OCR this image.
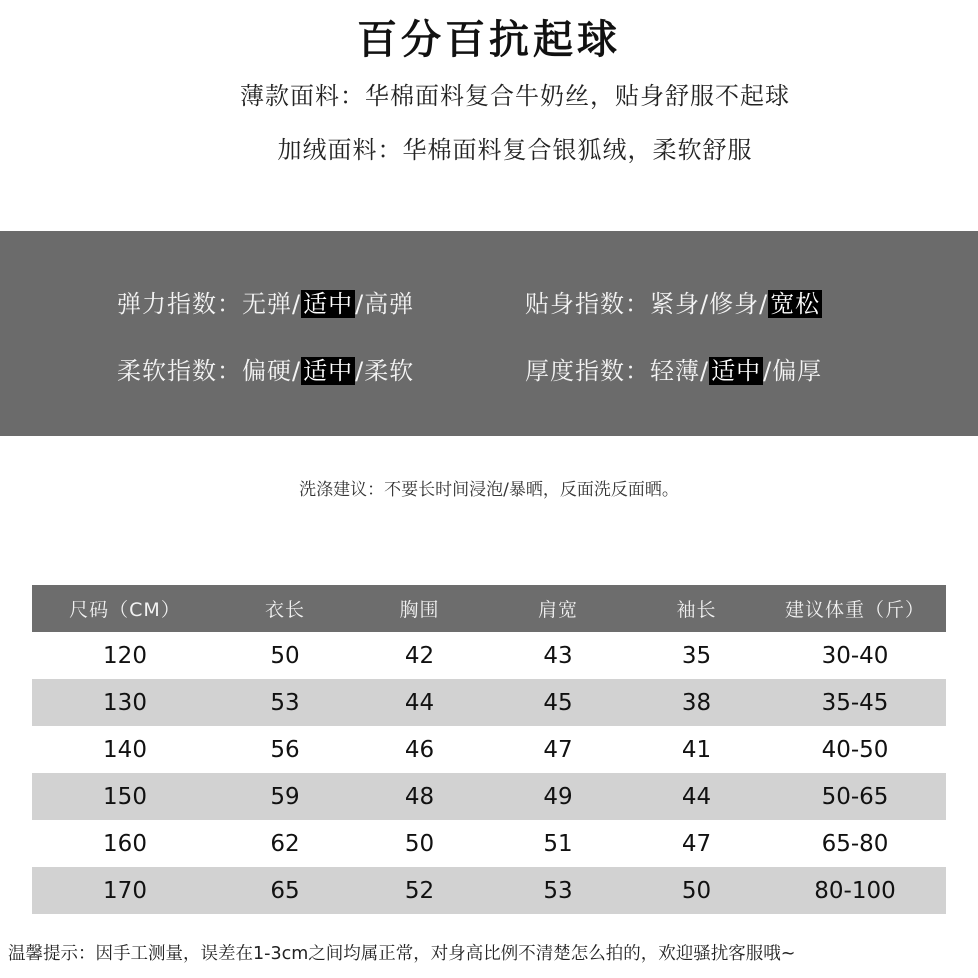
百分百抗起球
薄款面料：华棉面料复合牛奶丝，贴身舒服不起球
加绒面料：华棉面料复合银狐绒，柔软舒服
弹力指数：无弹/适中/高弹	贴身指数：紧身/修身/宽松
柔软指数：偏硬/适中/柔软	厚度指数：轻薄/适中/偏厚
洗涤建议：不要长时间浸泡/暴晒，反面洗反面晒。
尺码（CM）	衣长	胸围	肩宽	袖长	建议体重（斤）
120	50	42	43	35	30-40
130	53	44	45	38	35-45
140	56	46	47	41	40-50
150	59	48	49	44	50-65
160	62	50	51	47	65-80
170	65	52	53	50	80-100
温馨提示：因手工测量，误差在1-3cm之间均属正常，对身高比例不清楚怎么拍的，欢迎骚扰客服哦~
